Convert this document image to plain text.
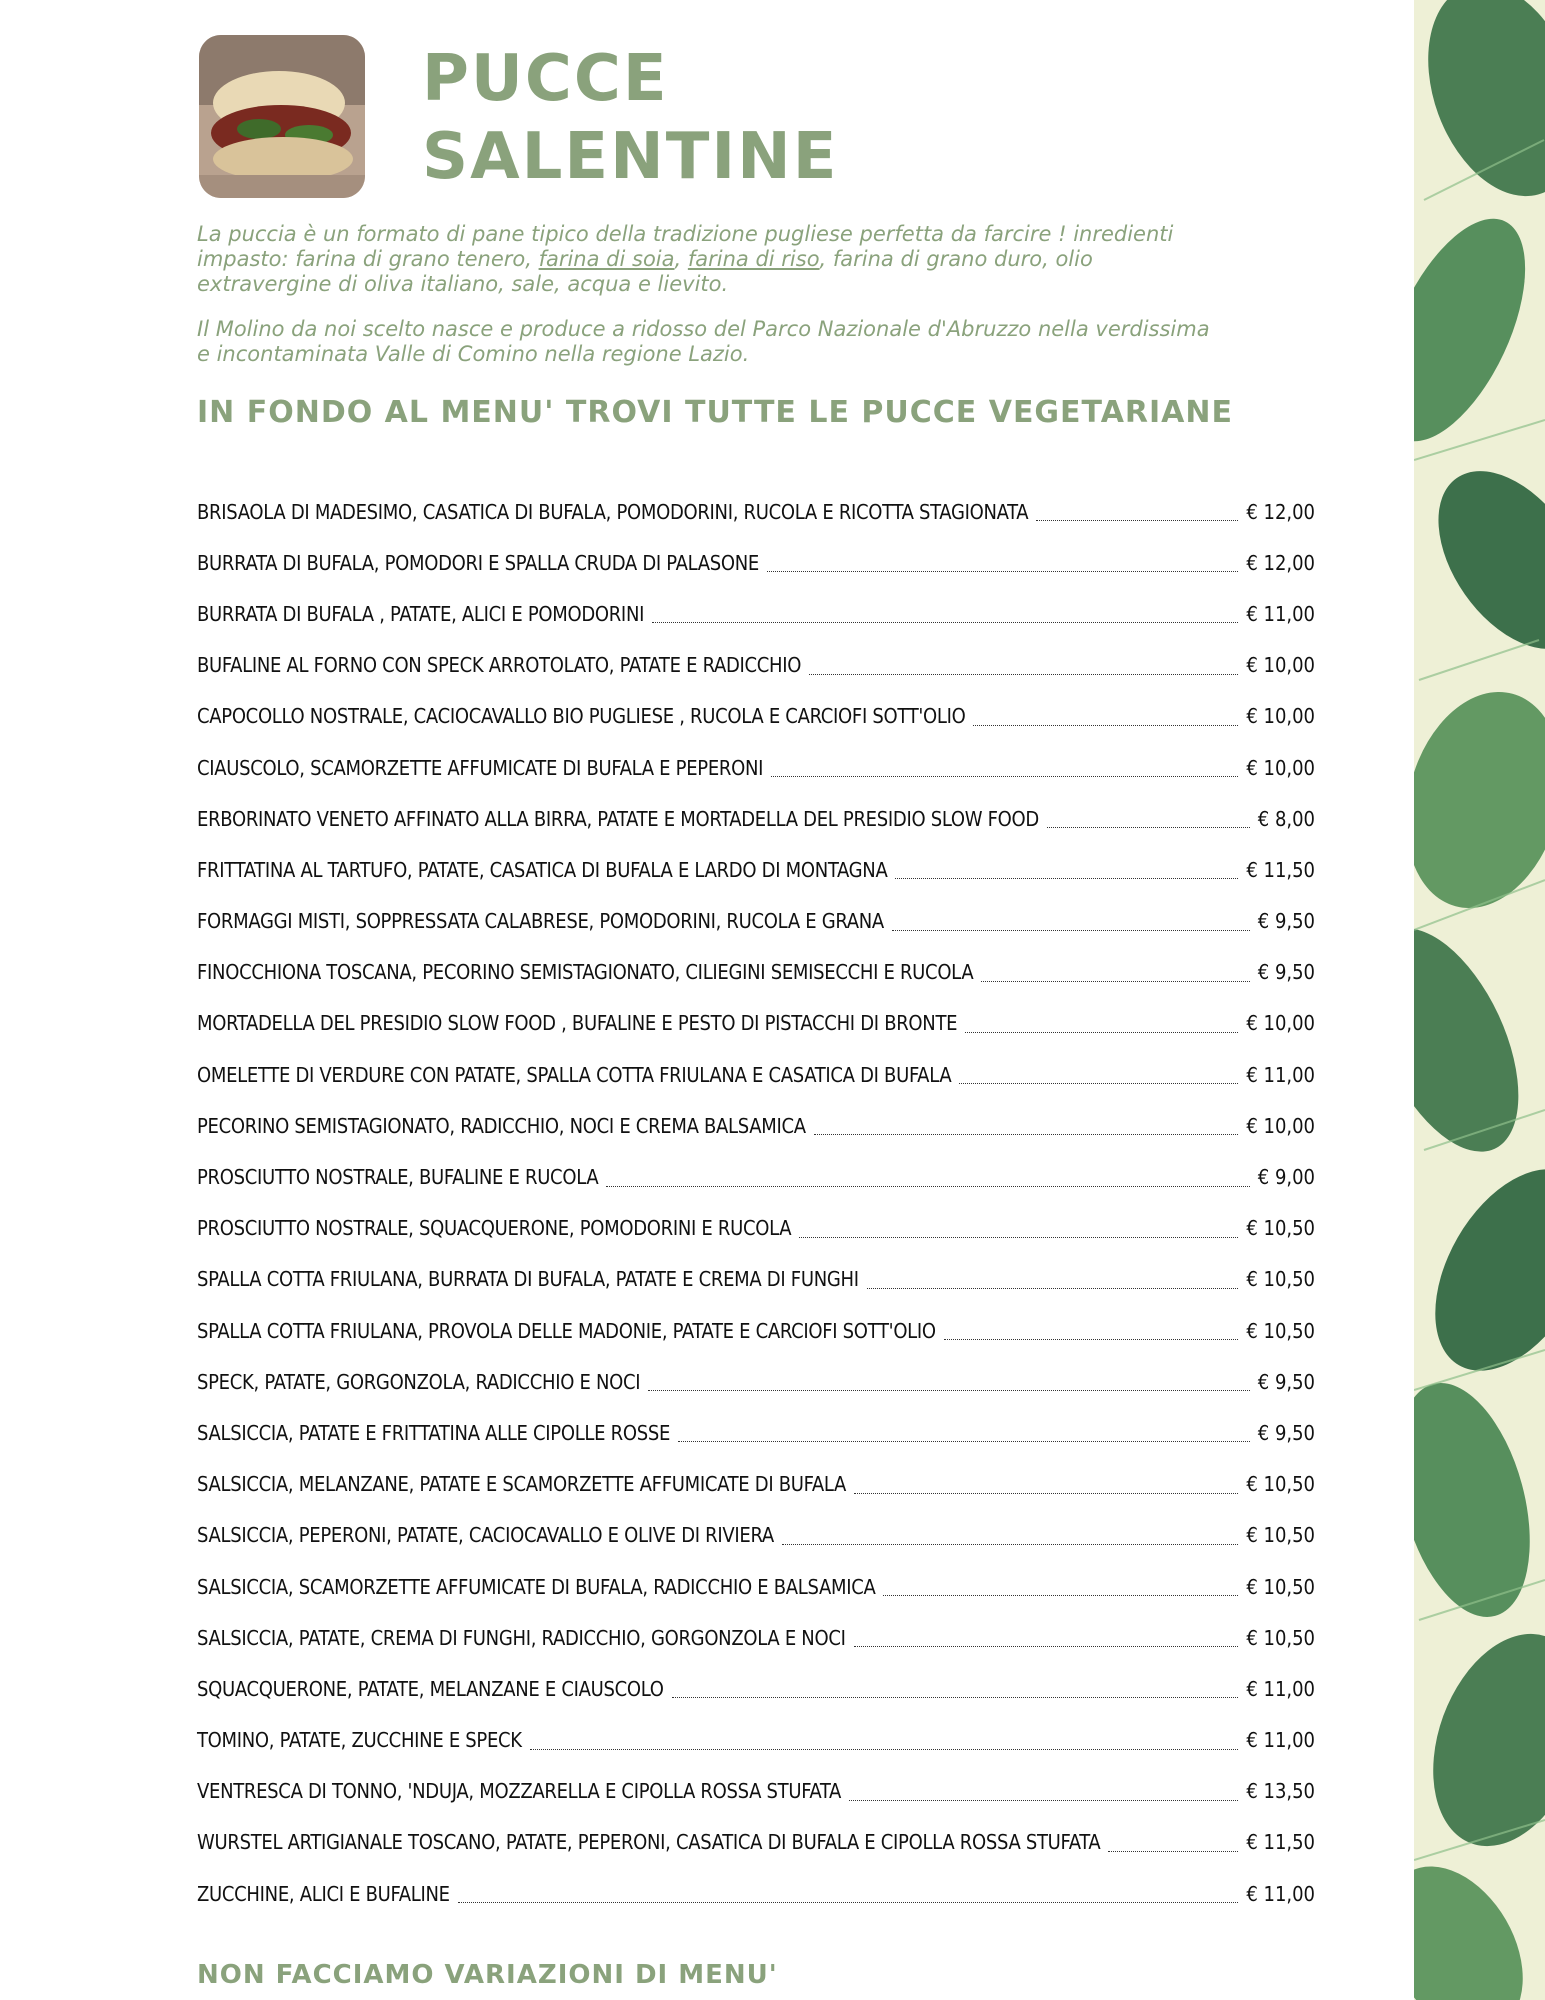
PUCCE
SALENTINE

La puccia è un formato di pane tipico della tradizione pugliese perfetta da farcire ! inredienti impasto: farina di grano tenero, farina di soia, farina di riso, farina di grano duro, olio extravergine di oliva italiano, sale, acqua e lievito.

Il Molino da noi scelto nasce e produce a ridosso del Parco Nazionale d'Abruzzo nella verdissima e incontaminata Valle di Comino nella regione Lazio.

IN FONDO AL MENU' TROVI TUTTE LE PUCCE VEGETARIANE
BRISAOLA DI MADESIMO, CASATICA DI BUFALA, POMODORINI, RUCOLA E RICOTTA STAGIONATA	€ 12,00
BURRATA DI BUFALA, POMODORI E SPALLA CRUDA DI PALASONE	€ 12,00
BURRATA DI BUFALA , PATATE, ALICI E POMODORINI	€ 11,00
BUFALINE AL FORNO CON SPECK ARROTOLATO, PATATE E RADICCHIO	€ 10,00
CAPOCOLLO NOSTRALE, CACIOCAVALLO BIO PUGLIESE , RUCOLA E CARCIOFI SOTT'OLIO	€ 10,00
CIAUSCOLO, SCAMORZETTE AFFUMICATE DI BUFALA E PEPERONI	€ 10,00
ERBORINATO VENETO AFFINATO ALLA BIRRA, PATATE E MORTADELLA DEL PRESIDIO SLOW FOOD	€ 8,00
FRITTATINA AL TARTUFO, PATATE, CASATICA DI BUFALA E LARDO DI MONTAGNA	€ 11,50
FORMAGGI MISTI, SOPPRESSATA CALABRESE, POMODORINI, RUCOLA E GRANA	€ 9,50
FINOCCHIONA TOSCANA, PECORINO SEMISTAGIONATO, CILIEGINI SEMISECCHI E RUCOLA	€ 9,50
MORTADELLA DEL PRESIDIO SLOW FOOD , BUFALINE E PESTO DI PISTACCHI DI BRONTE	€ 10,00
OMELETTE DI VERDURE CON PATATE, SPALLA COTTA FRIULANA E CASATICA DI BUFALA	€ 11,00
PECORINO SEMISTAGIONATO, RADICCHIO, NOCI E CREMA BALSAMICA	€ 10,00
PROSCIUTTO NOSTRALE, BUFALINE E RUCOLA	€ 9,00
PROSCIUTTO NOSTRALE, SQUACQUERONE, POMODORINI E RUCOLA	€ 10,50
SPALLA COTTA FRIULANA, BURRATA DI BUFALA, PATATE E CREMA DI FUNGHI	€ 10,50
SPALLA COTTA FRIULANA, PROVOLA DELLE MADONIE, PATATE E CARCIOFI SOTT'OLIO	€ 10,50
SPECK, PATATE, GORGONZOLA, RADICCHIO E NOCI	€ 9,50
SALSICCIA, PATATE E FRITTATINA ALLE CIPOLLE ROSSE	€ 9,50
SALSICCIA, MELANZANE, PATATE E SCAMORZETTE AFFUMICATE DI BUFALA	€ 10,50
SALSICCIA, PEPERONI, PATATE, CACIOCAVALLO E OLIVE DI RIVIERA	€ 10,50
SALSICCIA, SCAMORZETTE AFFUMICATE DI BUFALA, RADICCHIO E BALSAMICA	€ 10,50
SALSICCIA, PATATE, CREMA DI FUNGHI, RADICCHIO, GORGONZOLA E NOCI	€ 10,50
SQUACQUERONE, PATATE, MELANZANE E CIAUSCOLO	€ 11,00
TOMINO, PATATE, ZUCCHINE E SPECK	€ 11,00
VENTRESCA DI TONNO, 'NDUJA, MOZZARELLA E CIPOLLA ROSSA STUFATA	€ 13,50
WURSTEL ARTIGIANALE TOSCANO, PATATE, PEPERONI, CASATICA DI BUFALA E CIPOLLA ROSSA STUFATA	€ 11,50
ZUCCHINE, ALICI E BUFALINE	€ 11,00
NON FACCIAMO VARIAZIONI DI MENU'
